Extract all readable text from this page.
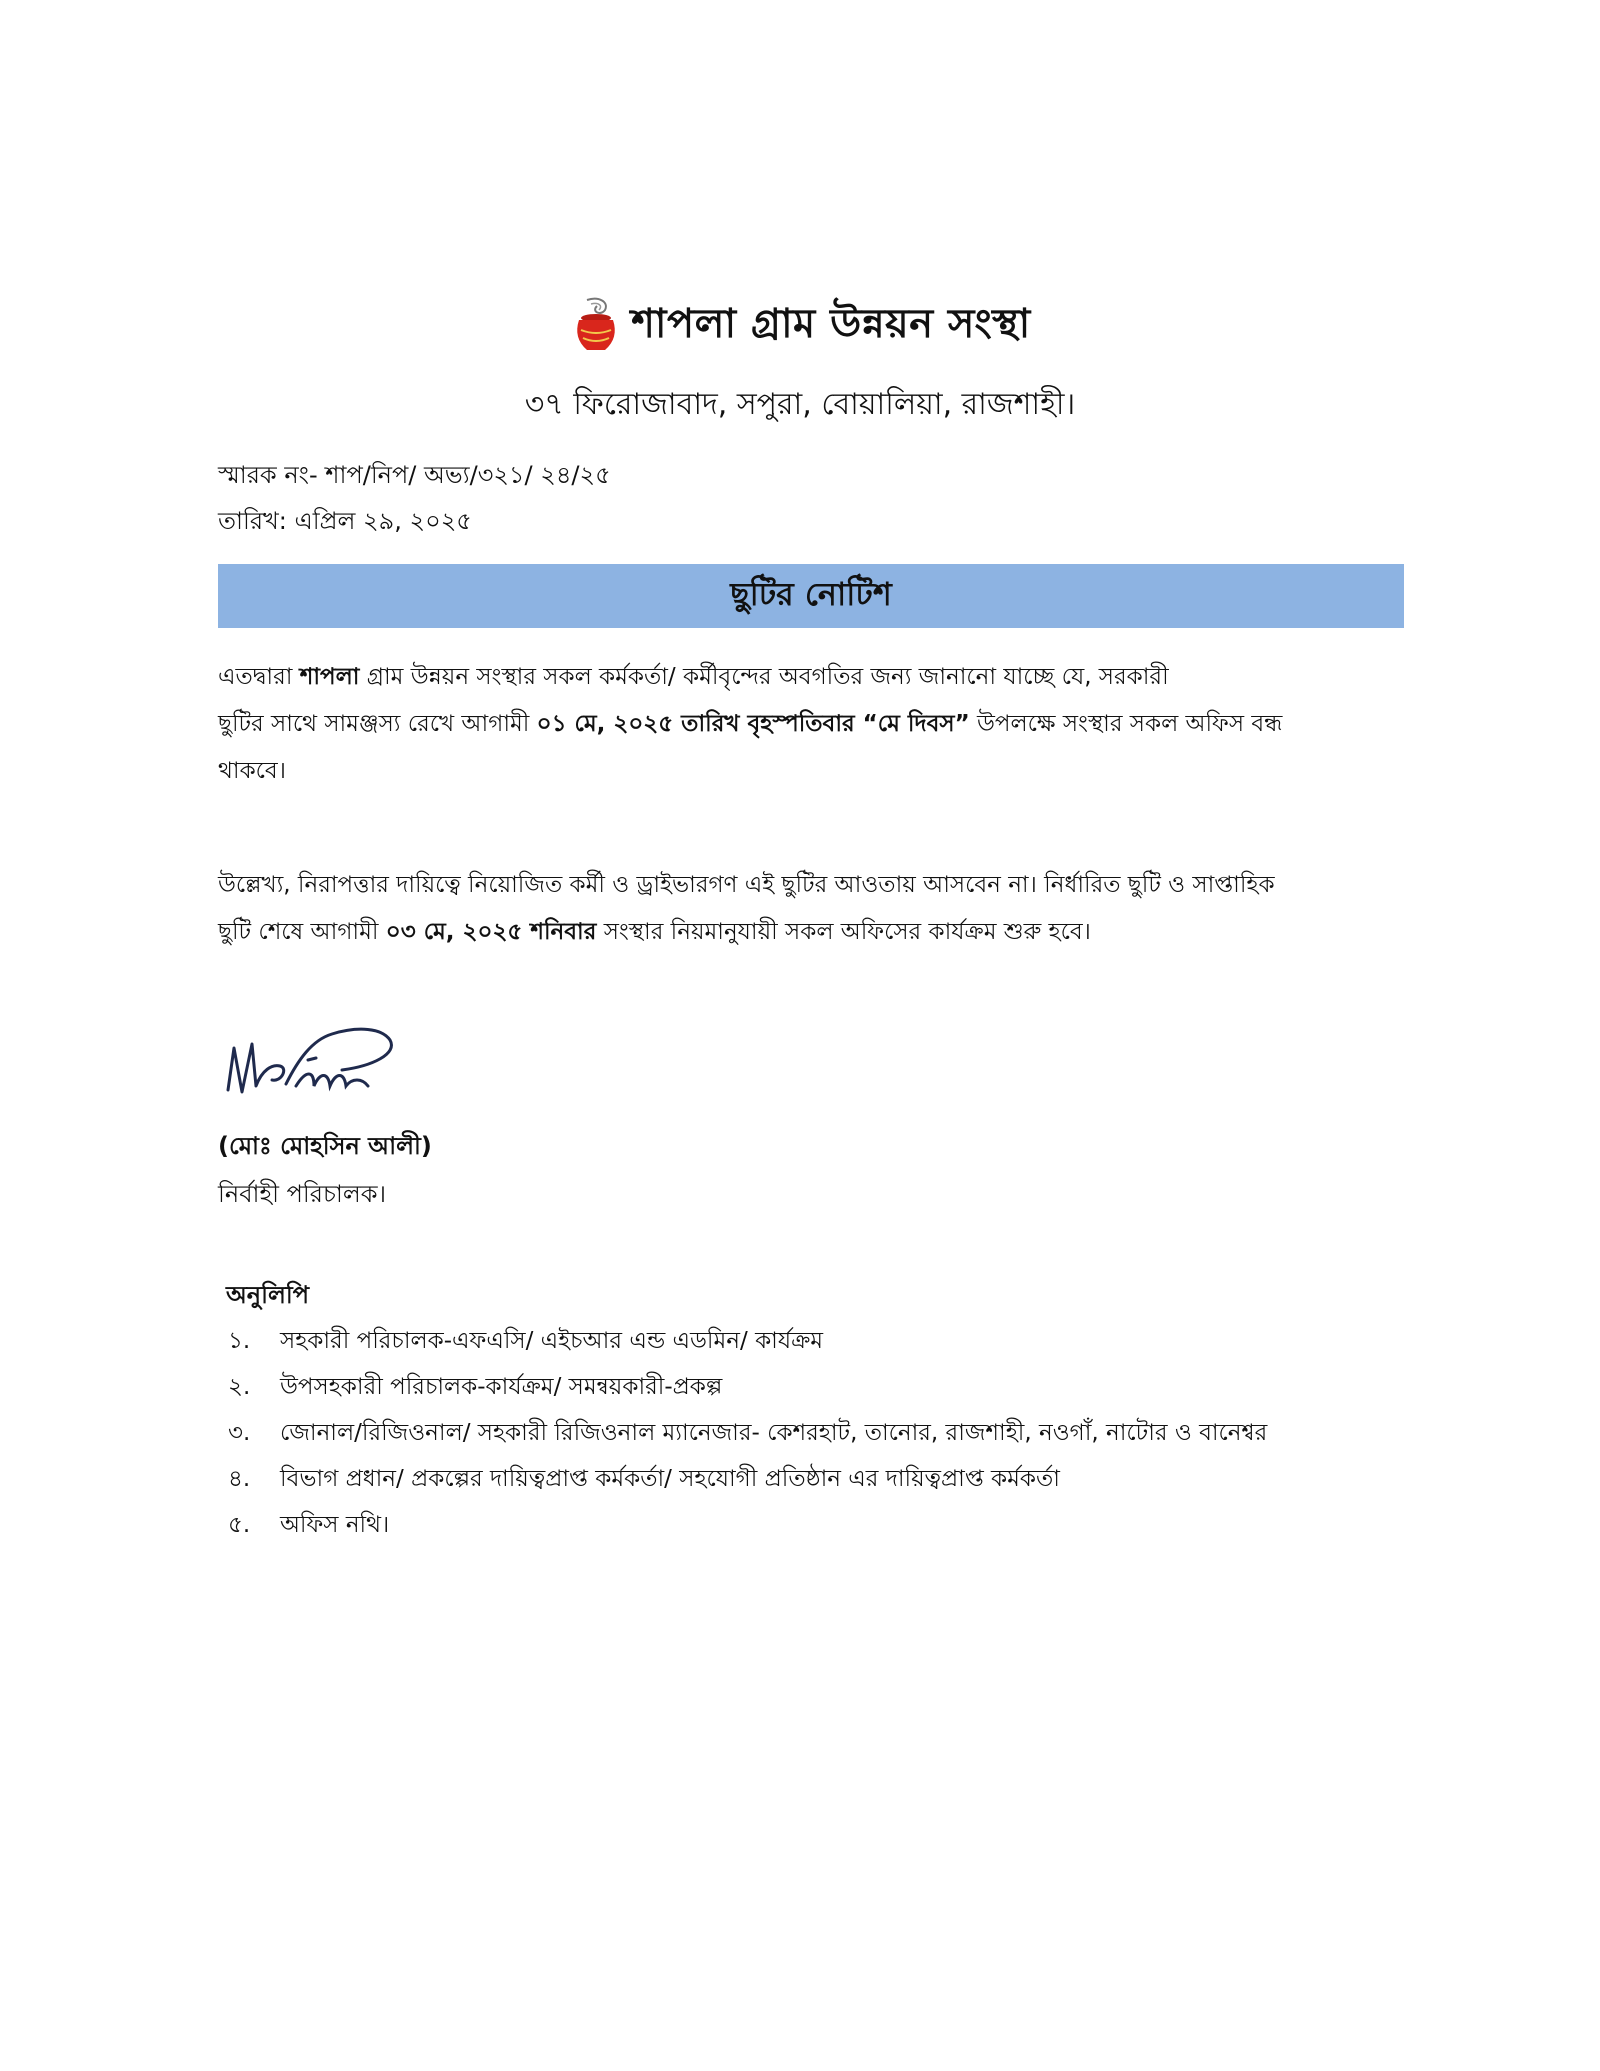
শাপলা গ্রাম উন্নয়ন সংস্থা
৩৭ ফিরোজাবাদ, সপুরা, বোয়ালিয়া, রাজশাহী।
স্মারক নং- শাপ/নিপ/ অভ্য/৩২১/ ২৪/২৫
তারিখ: এপ্রিল ২৯, ২০২৫
ছুটির নোটিশ
এতদ্বারা শাপলা গ্রাম উন্নয়ন সংস্থার সকল কর্মকর্তা/ কর্মীবৃন্দের অবগতির জন্য জানানো যাচ্ছে যে, সরকারী
ছুটির সাথে সামঞ্জস্য রেখে আগামী ০১ মে, ২০২৫ তারিখ বৃহস্পতিবার “মে দিবস” উপলক্ষে সংস্থার সকল অফিস বন্ধ
থাকবে।
উল্লেখ্য, নিরাপত্তার দায়িত্বে নিয়োজিত কর্মী ও ড্রাইভারগণ এই ছুটির আওতায় আসবেন না। নির্ধারিত ছুটি ও সাপ্তাহিক
ছুটি শেষে আগামী ০৩ মে, ২০২৫ শনিবার সংস্থার নিয়মানুযায়ী সকল অফিসের কার্যক্রম শুরু হবে।
(মোঃ মোহসিন আলী)
নির্বাহী পরিচালক।
অনুলিপি
১.	সহকারী পরিচালক-এফএসি/ এইচআর এন্ড এডমিন/ কার্যক্রম
২.	উপসহকারী পরিচালক-কার্যক্রম/ সমন্বয়কারী-প্রকল্প
৩.	জোনাল/রিজিওনাল/ সহকারী রিজিওনাল ম্যানেজার- কেশরহাট, তানোর, রাজশাহী, নওগাঁ, নাটোর ও বানেশ্বর
৪.	বিভাগ প্রধান/ প্রকল্পের দায়িত্বপ্রাপ্ত কর্মকর্তা/ সহযোগী প্রতিষ্ঠান এর দায়িত্বপ্রাপ্ত কর্মকর্তা
৫.	অফিস নথি।
